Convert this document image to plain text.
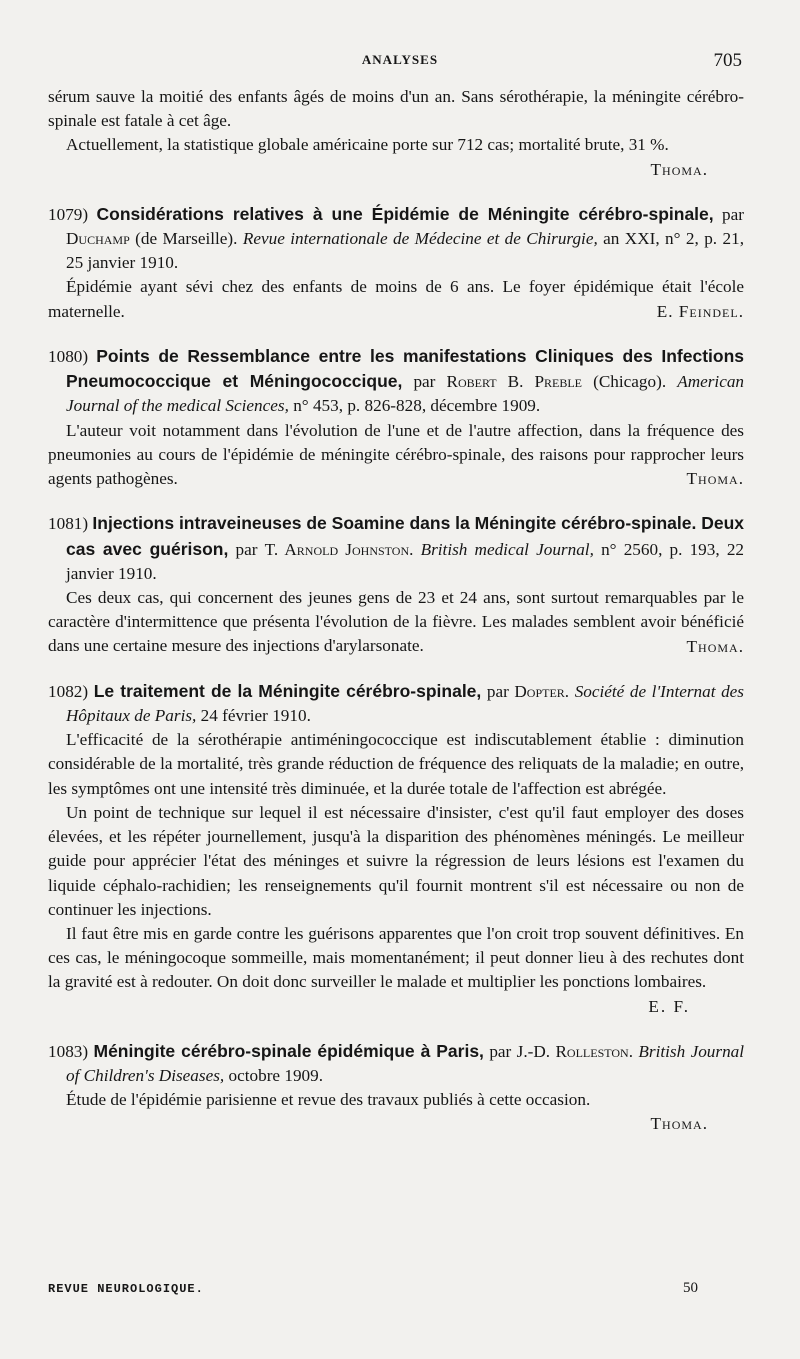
ANALYSES	705

sérum sauve la moitié des enfants âgés de moins d'un an. Sans sérothérapie, la méningite cérébro-spinale est fatale à cet âge.

Actuellement, la statistique globale américaine porte sur 712 cas; mortalité brute, 31 %.
Thoma.

1079) Considérations relatives à une Épidémie de Méningite cérébro-spinale, par Duchamp (de Marseille). Revue internationale de Médecine et de Chirurgie, an XXI, n° 2, p. 21, 25 janvier 1910.

Épidémie ayant sévi chez des enfants de moins de 6 ans. Le foyer épidémique était l'école maternelle.	E. Feindel.

1080) Points de Ressemblance entre les manifestations Cliniques des Infections Pneumococcique et Méningococcique, par Robert B. Preble (Chicago). American Journal of the medical Sciences, n° 453, p. 826-828, décembre 1909.

L'auteur voit notamment dans l'évolution de l'une et de l'autre affection, dans la fréquence des pneumonies au cours de l'épidémie de méningite cérébro-spinale, des raisons pour rapprocher leurs agents pathogènes.	Thoma.

1081) Injections intraveineuses de Soamine dans la Méningite cérébro-spinale. Deux cas avec guérison, par T. Arnold Johnston. British medical Journal, n° 2560, p. 193, 22 janvier 1910.

Ces deux cas, qui concernent des jeunes gens de 23 et 24 ans, sont surtout remarquables par le caractère d'intermittence que présenta l'évolution de la fièvre. Les malades semblent avoir bénéficié dans une certaine mesure des injections d'arylarsonate.	Thoma.

1082) Le traitement de la Méningite cérébro-spinale, par Dopter. Société de l'Internat des Hôpitaux de Paris, 24 février 1910.

L'efficacité de la sérothérapie antiméningococcique est indiscutablement établie : diminution considérable de la mortalité, très grande réduction de fréquence des reliquats de la maladie; en outre, les symptômes ont une intensité très diminuée, et la durée totale de l'affection est abrégée.

Un point de technique sur lequel il est nécessaire d'insister, c'est qu'il faut employer des doses élevées, et les répéter journellement, jusqu'à la disparition des phénomènes méningés. Le meilleur guide pour apprécier l'état des méninges et suivre la régression de leurs lésions est l'examen du liquide céphalo-rachidien; les renseignements qu'il fournit montrent s'il est nécessaire ou non de continuer les injections.

Il faut être mis en garde contre les guérisons apparentes que l'on croit trop souvent définitives. En ces cas, le méningocoque sommeille, mais momentanément; il peut donner lieu à des rechutes dont la gravité est à redouter. On doit donc surveiller le malade et multiplier les ponctions lombaires.

E. F.

1083) Méningite cérébro-spinale épidémique à Paris, par J.-D. Rolleston. British Journal of Children's Diseases, octobre 1909.

Étude de l'épidémie parisienne et revue des travaux publiés à cette occasion.

Thoma.

REVUE NEUROLOGIQUE.	50
